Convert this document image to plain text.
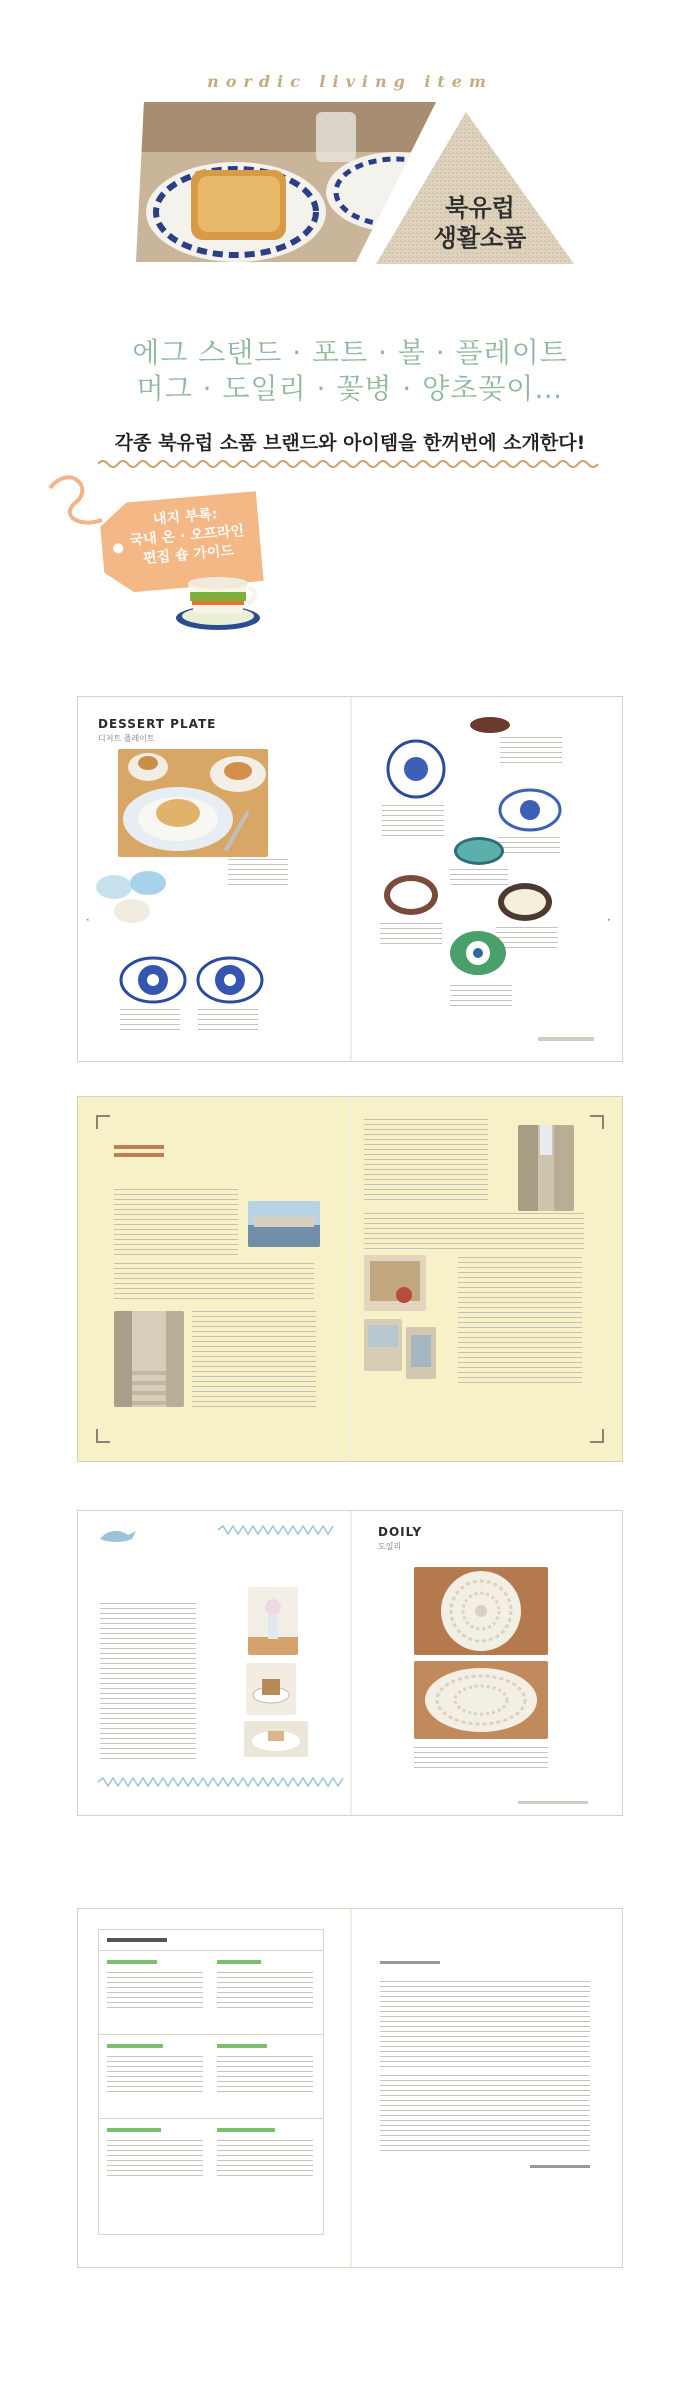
nordic living item
북유럽
생활소품
에그 스탠드 · 포트 · 볼 · 플레이트
머그 · 도일리 · 꽃병 · 양초꽂이…
각종 북유럽 소품 브랜드와 아이템을 한꺼번에 소개한다!
내지 부록:
국내 온 · 오프라인
편집 숍 가이드
DESSERT PLATE
디저트 플레이트
◂	▸
DOILY
도일리
